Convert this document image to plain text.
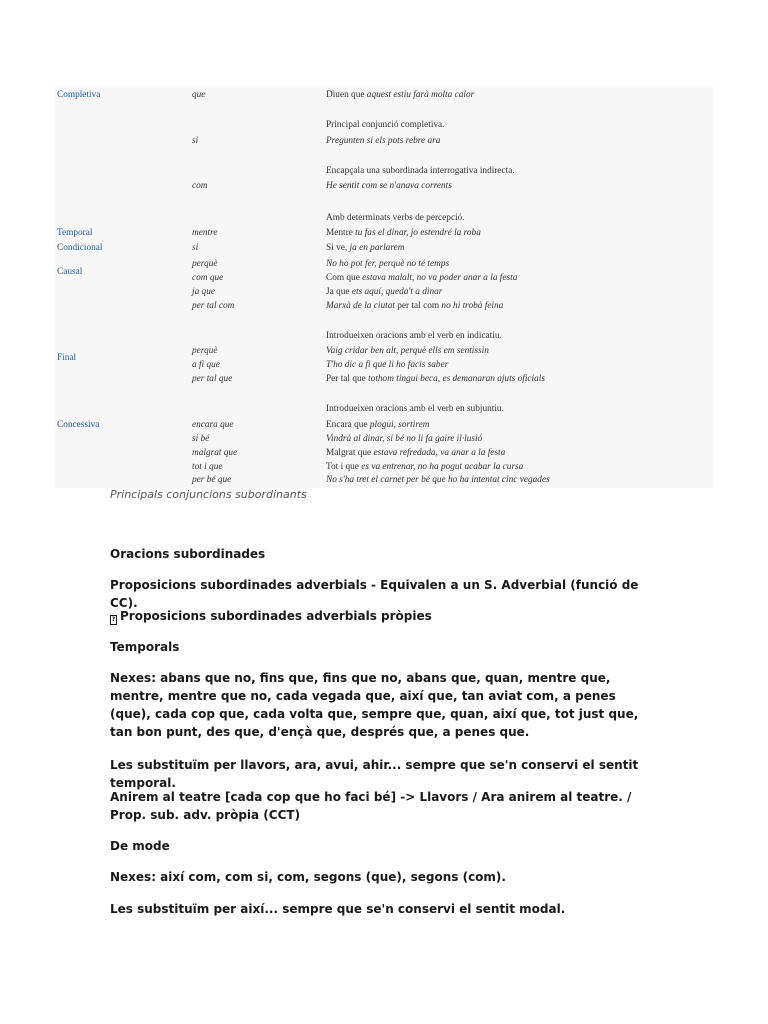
Completiva	que	Diuen que aquest estiu farà molta calor
Principal conjunció completiva.
si	Pregunten si els pots rebre ara
Encapçala una subordinada interrogativa indirecta.
com	He sentit com se n'anava corrents
Amb determinats verbs de percepció.
Temporal	mentre	Mentre tu fas el dinar, jo estendré la roba
Condicional	si	Si ve, ja en parlarem
Causal
perquè	No ho pot fer, perquè no té temps
com que	Com que estava malalt, no va poder anar a la festa
ja que	Ja que ets aquí, queda't a dinar
per tal com	Marxà de la ciutat per tal com no hi trobà feina
Introdueixen oracions amb el verb en indicatiu.
Final
perquè	Vaig cridar ben alt, perquè ells em sentissin
a fi que	T'ho dic a fi que li ho facis saber
per tal que	Per tal que tothom tingui beca, es demanaran ajuts oficials
Introdueixen oracions amb el verb en subjuntiu.
Concessiva	encara que	Encara que plogui, sortirem
si bé	Vindrà al dinar, si bé no li fa gaire il·lusió
malgrat que	Malgrat que estava refredada, va anar a la festa
tot i que	Tot i que es va entrenar, no ha pogut acabar la cursa
per bé que	No s'ha tret el carnet per bé que ho ha intentat cinc vegades
Principals conjuncions subordinants
Oracions subordinades
Proposicions subordinades adverbials - Equivalen a un S. Adverbial (funció de CC).
? Proposicions subordinades adverbials pròpies
Temporals
Nexes: abans que no, fins que, fins que no, abans que, quan, mentre que, mentre, mentre que no, cada vegada que, així que, tan aviat com, a penes (que), cada cop que, cada volta que, sempre que, quan, així que, tot just que, tan bon punt, des que, d'ençà que, després que, a penes que.
Les substituïm per llavors, ara, avui, ahir... sempre que se'n conservi el sentit temporal.
Anirem al teatre [cada cop que ho faci bé] -> Llavors / Ara anirem al teatre. / Prop. sub. adv. pròpia (CCT)
De mode
Nexes: així com, com si, com, segons (que), segons (com).
Les substituïm per així... sempre que se'n conservi el sentit modal.
